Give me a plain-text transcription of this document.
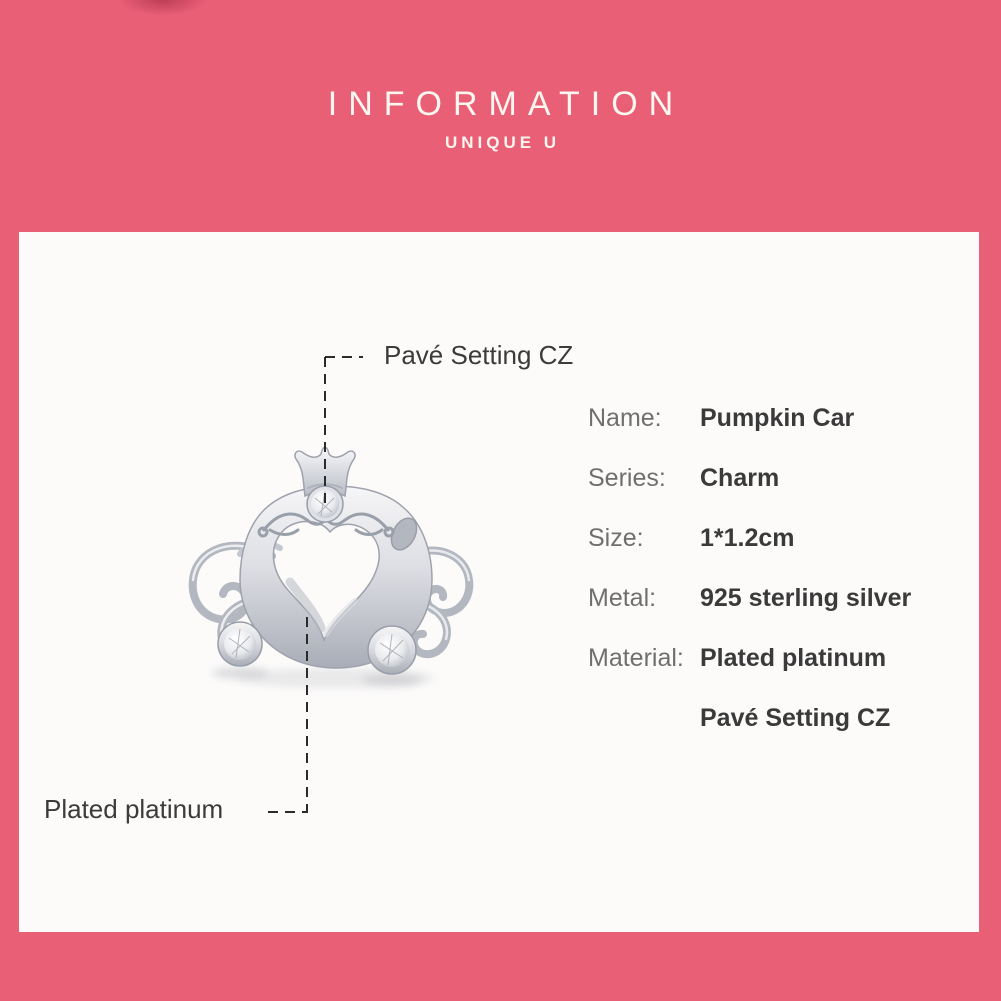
INFORMATION
UNIQUE U
Pavé Setting CZ
Plated platinum
Name:	Pumpkin Car
Series:	Charm
Size:	1*1.2cm
Metal:	925 sterling silver
Material: Plated platinum
Pavé Setting CZ
